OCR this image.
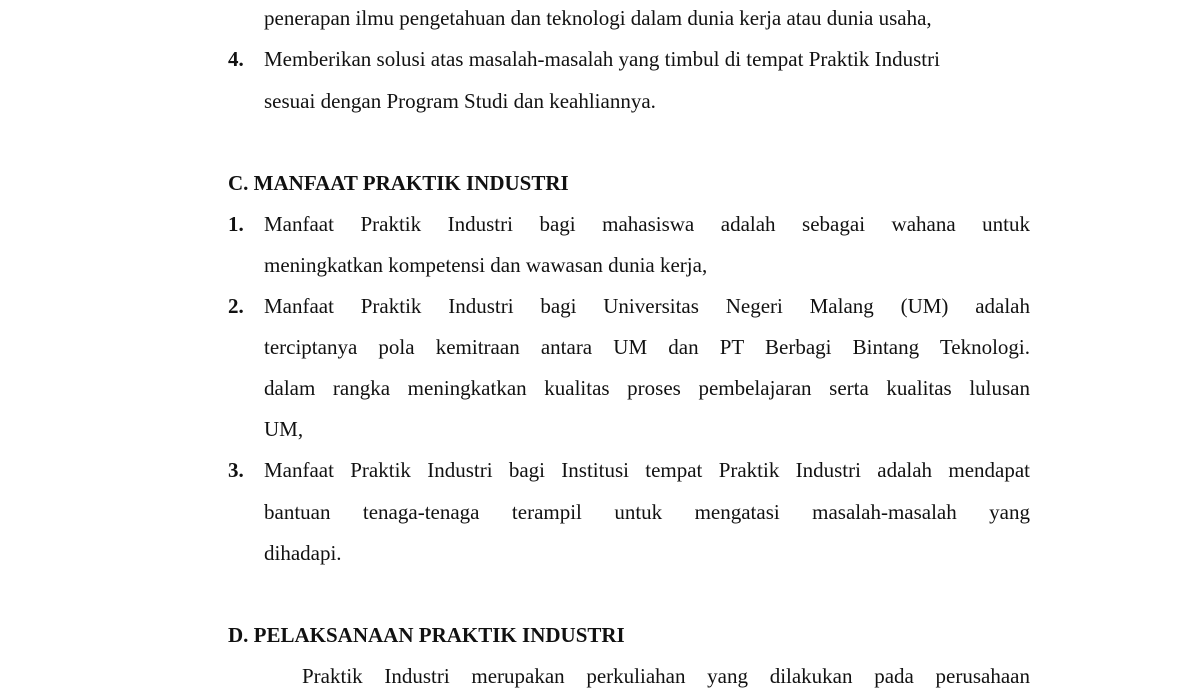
penerapan ilmu pengetahuan dan teknologi dalam dunia kerja atau dunia usaha,
4. Memberikan solusi atas masalah-masalah yang timbul di tempat Praktik Industri
sesuai dengan Program Studi dan keahliannya.
C. MANFAAT PRAKTIK INDUSTRI
1. Manfaat Praktik Industri bagi mahasiswa adalah sebagai wahana untuk
meningkatkan kompetensi dan wawasan dunia kerja,
2. Manfaat Praktik Industri bagi Universitas Negeri Malang (UM) adalah
terciptanya pola kemitraan antara UM dan PT Berbagi Bintang Teknologi.
dalam rangka meningkatkan kualitas proses pembelajaran serta kualitas lulusan
UM,
3. Manfaat Praktik Industri bagi Institusi tempat Praktik Industri adalah mendapat
bantuan tenaga-tenaga terampil untuk mengatasi masalah-masalah yang
dihadapi.
D. PELAKSANAAN PRAKTIK INDUSTRI
Praktik Industri merupakan perkuliahan yang dilakukan pada perusahaan
